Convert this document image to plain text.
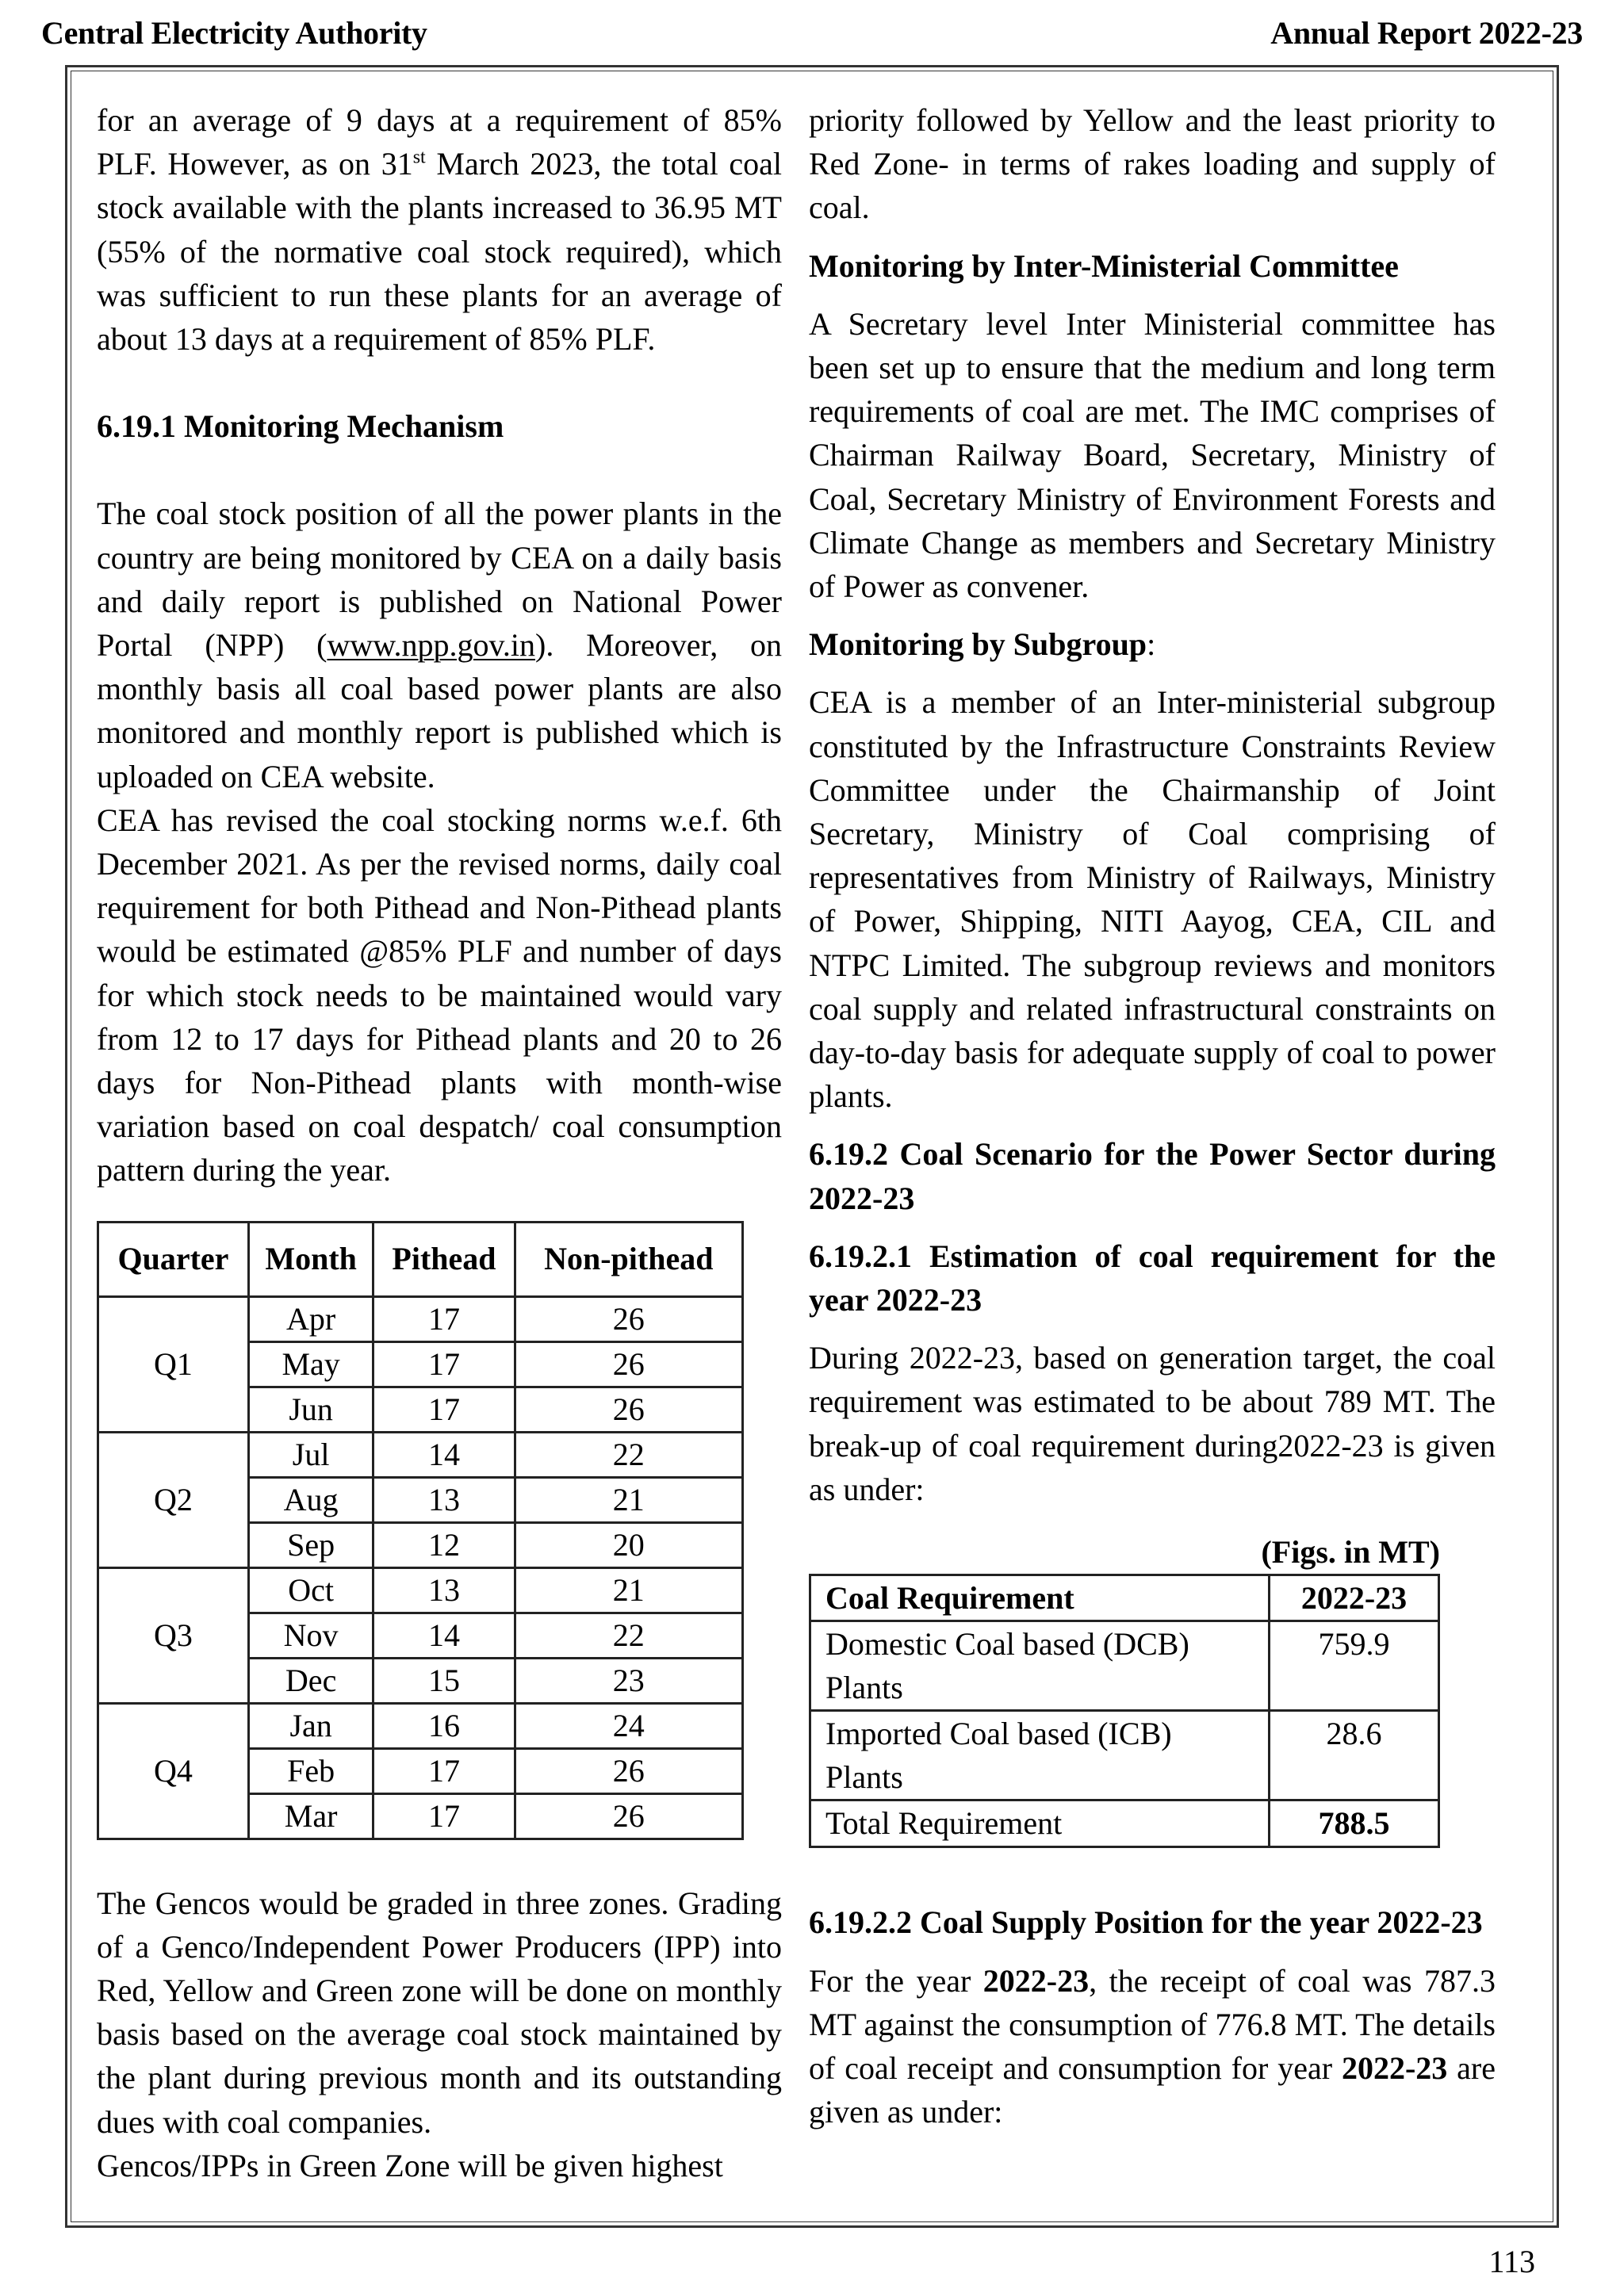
Central Electricity Authority	Annual Report 2022-23

for an average of 9 days at a requirement of 85% PLF. However, as on 31st March 2023, the total coal stock available with the plants increased to 36.95 MT (55% of the normative coal stock required), which was sufficient to run these plants for an average of about 13 days at a requirement of 85% PLF.

6.19.1 Monitoring Mechanism

The coal stock position of all the power plants in the country are being monitored by CEA on a daily basis and daily report is published on National Power Portal (NPP) (www.npp.gov.in). Moreover, on monthly basis all coal based power plants are also monitored and monthly report is published which is uploaded on CEA website.

CEA has revised the coal stocking norms w.e.f. 6th December 2021. As per the revised norms, daily coal requirement for both Pithead and Non-Pithead plants would be estimated @85% PLF and number of days for which stock needs to be maintained would vary from 12 to 17 days for Pithead plants and 20 to 26 days for Non-Pithead plants with month-wise variation based on coal despatch/ coal consumption pattern during the year.

Quarter	Month	Pithead	Non-pithead
Q1	Apr	17	26
	May	17	26
	Jun	17	26
Q2	Jul	14	22
	Aug	13	21
	Sep	12	20
Q3	Oct	13	21
	Nov	14	22
	Dec	15	23
Q4	Jan	16	24
	Feb	17	26
	Mar	17	26

The Gencos would be graded in three zones. Grading of a Genco/Independent Power Producers (IPP) into Red, Yellow and Green zone will be done on monthly basis based on the average coal stock maintained by the plant during previous month and its outstanding dues with coal companies.

Gencos/IPPs in Green Zone will be given highest

priority followed by Yellow and the least priority to Red Zone- in terms of rakes loading and supply of coal.

Monitoring by Inter-Ministerial Committee

A Secretary level Inter Ministerial committee has been set up to ensure that the medium and long term requirements of coal are met. The IMC comprises of Chairman Railway Board, Secretary, Ministry of Coal, Secretary Ministry of Environment Forests and Climate Change as members and Secretary Ministry of Power as convener.

Monitoring by Subgroup:

CEA is a member of an Inter-ministerial subgroup constituted by the Infrastructure Constraints Review Committee under the Chairmanship of Joint Secretary, Ministry of Coal comprising of representatives from Ministry of Railways, Ministry of Power, Shipping, NITI Aayog, CEA, CIL and NTPC Limited. The subgroup reviews and monitors coal supply and related infrastructural constraints on day-to-day basis for adequate supply of coal to power plants.

6.19.2 Coal Scenario for the Power Sector during 2022-23

6.19.2.1 Estimation of coal requirement for the year 2022-23

During 2022-23, based on generation target, the coal requirement was estimated to be about 789 MT. The break-up of coal requirement during2022-23 is given as under:

(Figs. in MT)
Coal Requirement	2022-23
Domestic Coal based (DCB) Plants	759.9
Imported Coal based (ICB) Plants	28.6
Total Requirement	788.5

6.19.2.2 Coal Supply Position for the year 2022-23

For the year 2022-23, the receipt of coal was 787.3 MT against the consumption of 776.8 MT. The details of coal receipt and consumption for year 2022-23 are given as under:

113
